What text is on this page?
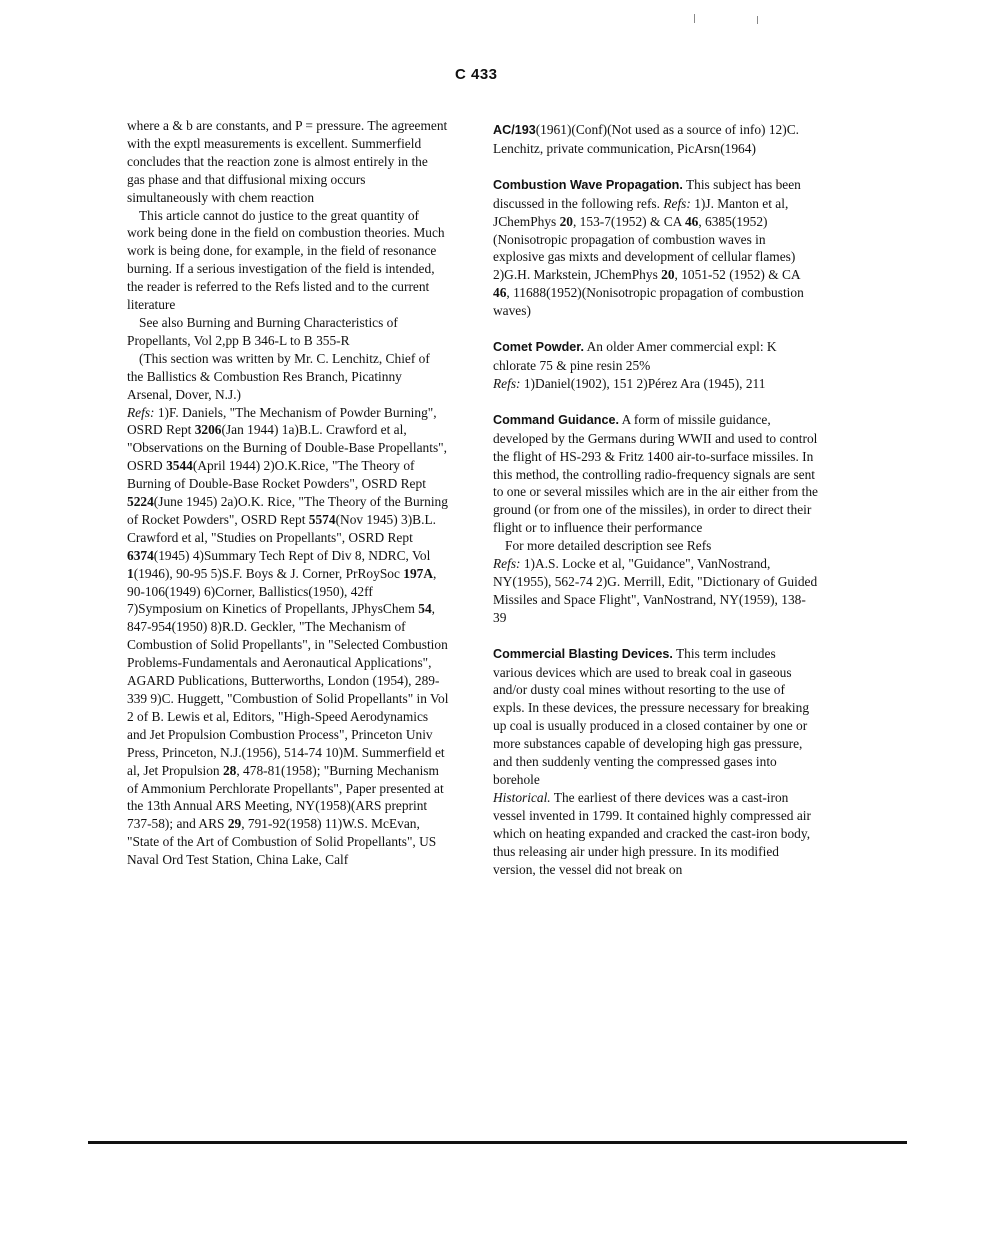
C 433

where a & b are constants, and P = pressure. The agreement with the exptl measurements is excellent. Summerfield concludes that the reaction zone is almost entirely in the gas phase and that diffusional mixing occurs simultaneously with chem reaction

This article cannot do justice to the great quantity of work being done in the field on combustion theories. Much work is being done, for example, in the field of resonance burning. If a serious investigation of the field is intended, the reader is referred to the Refs listed and to the current literature

See also Burning and Burning Characteristics of Propellants, Vol 2,pp B 346-L to B 355-R

(This section was written by Mr. C. Lenchitz, Chief of the Ballistics & Combustion Res Branch, Picatinny Arsenal, Dover, N.J.)

Refs: 1)F. Daniels, "The Mechanism of Powder Burning", OSRD Rept 3206(Jan 1944) 1a)B.L. Crawford et al, "Observations on the Burning of Double-Base Propellants", OSRD 3544(April 1944) 2)O.K.Rice, "The Theory of Burning of Double-Base Rocket Powders", OSRD Rept 5224(June 1945) 2a)O.K. Rice, "The Theory of the Burning of Rocket Powders", OSRD Rept 5574(Nov 1945) 3)B.L. Crawford et al, "Studies on Propellants", OSRD Rept 6374(1945) 4)Summary Tech Rept of Div 8, NDRC, Vol 1(1946), 90-95 5)S.F. Boys & J. Corner, PrRoySoc 197A, 90-106(1949) 6)Corner, Ballistics(1950), 42ff 7)Symposium on Kinetics of Propellants, JPhysChem 54, 847-954(1950) 8)R.D. Geckler, "The Mechanism of Combustion of Solid Propellants", in "Selected Combustion Problems-Fundamentals and Aeronautical Applications", AGARD Publications, Butterworths, London (1954), 289-339 9)C. Huggett, "Combustion of Solid Propellants" in Vol 2 of B. Lewis et al, Editors, "High-Speed Aerodynamics and Jet Propulsion Combustion Process", Princeton Univ Press, Princeton, N.J.(1956), 514-74 10)M. Summerfield et al, Jet Propulsion 28, 478-81(1958); "Burning Mechanism of Ammonium Perchlorate Propellants", Paper presented at the 13th Annual ARS Meeting, NY(1958)(ARS preprint 737-58); and ARS 29, 791-92(1958) 11)W.S. McEvan, "State of the Art of Combustion of Solid Propellants", US Naval Ord Test Station, China Lake, Calf

AC/193(1961)(Conf)(Not used as a source of info) 12)C. Lenchitz, private communication, PicArsn(1964)

Combustion Wave Propagation. This subject has been discussed in the following refs. Refs: 1)J. Manton et al, JChemPhys 20, 153-7(1952) & CA 46, 6385(1952)(Nonisotropic propagation of combustion waves in explosive gas mixts and development of cellular flames) 2)G.H. Markstein, JChemPhys 20, 1051-52 (1952) & CA 46, 11688(1952)(Nonisotropic propagation of combustion waves)

Comet Powder. An older Amer commercial expl: K chlorate 75 & pine resin 25%

Refs: 1)Daniel(1902), 151 2)Pérez Ara (1945), 211

Command Guidance. A form of missile guidance, developed by the Germans during WWII and used to control the flight of HS-293 & Fritz 1400 air-to-surface missiles. In this method, the controlling radio-frequency signals are sent to one or several missiles which are in the air either from the ground (or from one of the missiles), in order to direct their flight or to influence their performance

For more detailed description see Refs

Refs: 1)A.S. Locke et al, "Guidance", VanNostrand, NY(1955), 562-74 2)G. Merrill, Edit, "Dictionary of Guided Missiles and Space Flight", VanNostrand, NY(1959), 138-39

Commercial Blasting Devices. This term includes various devices which are used to break coal in gaseous and/or dusty coal mines without resorting to the use of expls. In these devices, the pressure necessary for breaking up coal is usually produced in a closed container by one or more substances capable of developing high gas pressure, and then suddenly venting the compressed gases into borehole

Historical. The earliest of there devices was a cast-iron vessel invented in 1799. It contained highly compressed air which on heating expanded and cracked the cast-iron body, thus releasing air under high pressure. In its modified version, the vessel did not break on
